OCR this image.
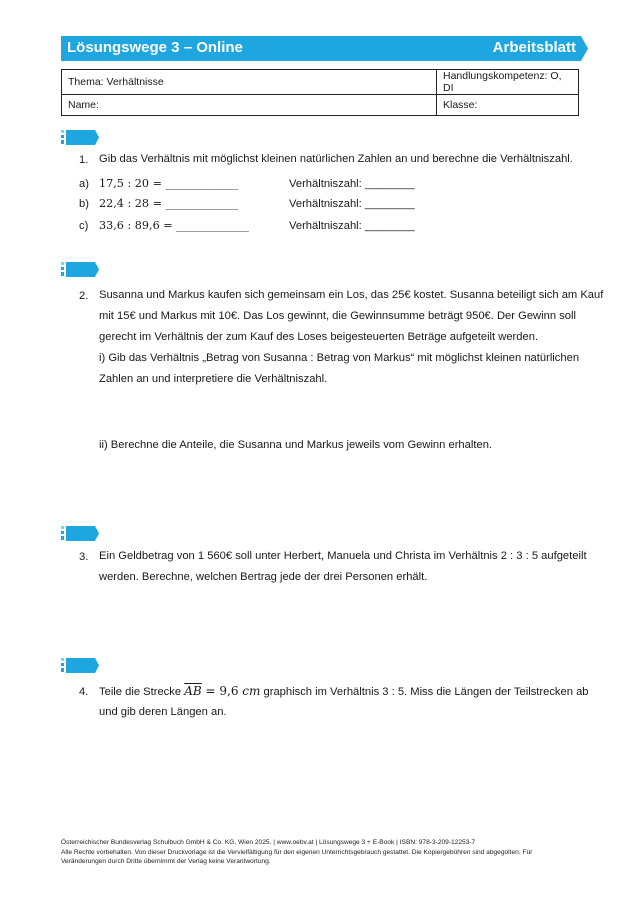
Lösungswege 3 – Online	Arbeitsblatt
Thema: Verhältnisse	Handlungskompetenz: O, DI
Name:	Klasse:
1. Gib das Verhältnis mit möglichst kleinen natürlichen Zahlen an und berechne die Verhältniszahl.
a) 17,5 : 20 = _____________	Verhältniszahl: ________
b) 22,4 : 28 = _____________	Verhältniszahl: ________
c) 33,6 : 89,6 = _____________	Verhältniszahl: ________
2. Susanna und Markus kaufen sich gemeinsam ein Los, das 25€ kostet. Susanna beteiligt sich am Kauf
mit 15€ und Markus mit 10€. Das Los gewinnt, die Gewinnsumme beträgt 950€. Der Gewinn soll
gerecht im Verhältnis der zum Kauf des Loses beigesteuerten Beträge aufgeteilt werden.
i) Gib das Verhältnis „Betrag von Susanna : Betrag von Markus“ mit möglichst kleinen natürlichen
Zahlen an und interpretiere die Verhältniszahl.
ii) Berechne die Anteile, die Susanna und Markus jeweils vom Gewinn erhalten.
3. Ein Geldbetrag von 1 560€ soll unter Herbert, Manuela und Christa im Verhältnis 2 : 3 : 5 aufgeteilt
werden. Berechne, welchen Bertrag jede der drei Personen erhält.
4. Teile die Strecke $\overline{AB} = 9,6$ cm graphisch im Verhältnis 3 : 5. Miss die Längen der Teilstrecken ab
und gib deren Längen an.
Österreichischer Bundesverlag Schulbuch GmbH & Co. KG, Wien 2025. | www.oebv.at | Lösungswege 3 + E-Book | ISBN: 978-3-209-12253-7
Alle Rechte vorbehalten. Von dieser Druckvorlage ist die Vervielfältigung für den eigenen Unterrichtsgebrauch gestattet. Die Kopiergebühren sind abgegolten. Für
Veränderungen durch Dritte übernimmt der Verlag keine Verantwortung.
